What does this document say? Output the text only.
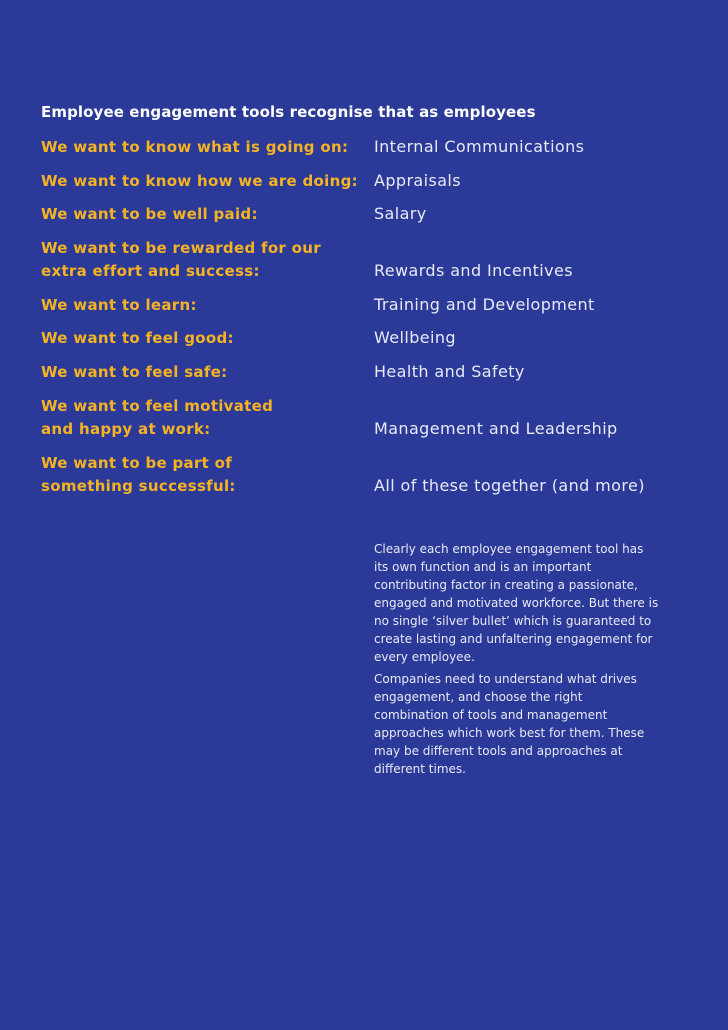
Employee engagement tools recognise that as employees
We want to know what is going on: Internal Communications
We want to know how we are doing: Appraisals
We want to be well paid:	Salary
We want to be rewarded for our
extra effort and success:	Rewards and Incentives
We want to learn:	Training and Development
We want to feel good:	Wellbeing
We want to feel safe:	Health and Safety
We want to feel motivated
and happy at work:	Management and Leadership
We want to be part of
something successful:	All of these together (and more)

Clearly each employee engagement tool has its own function and is an important contributing factor in creating a passionate, engaged and motivated workforce. But there is no single ‘silver bullet’ which is guaranteed to create lasting and unfaltering engagement for every employee.

Companies need to understand what drives engagement, and choose the right combination of tools and management approaches which work best for them. These may be different tools and approaches at different times.
